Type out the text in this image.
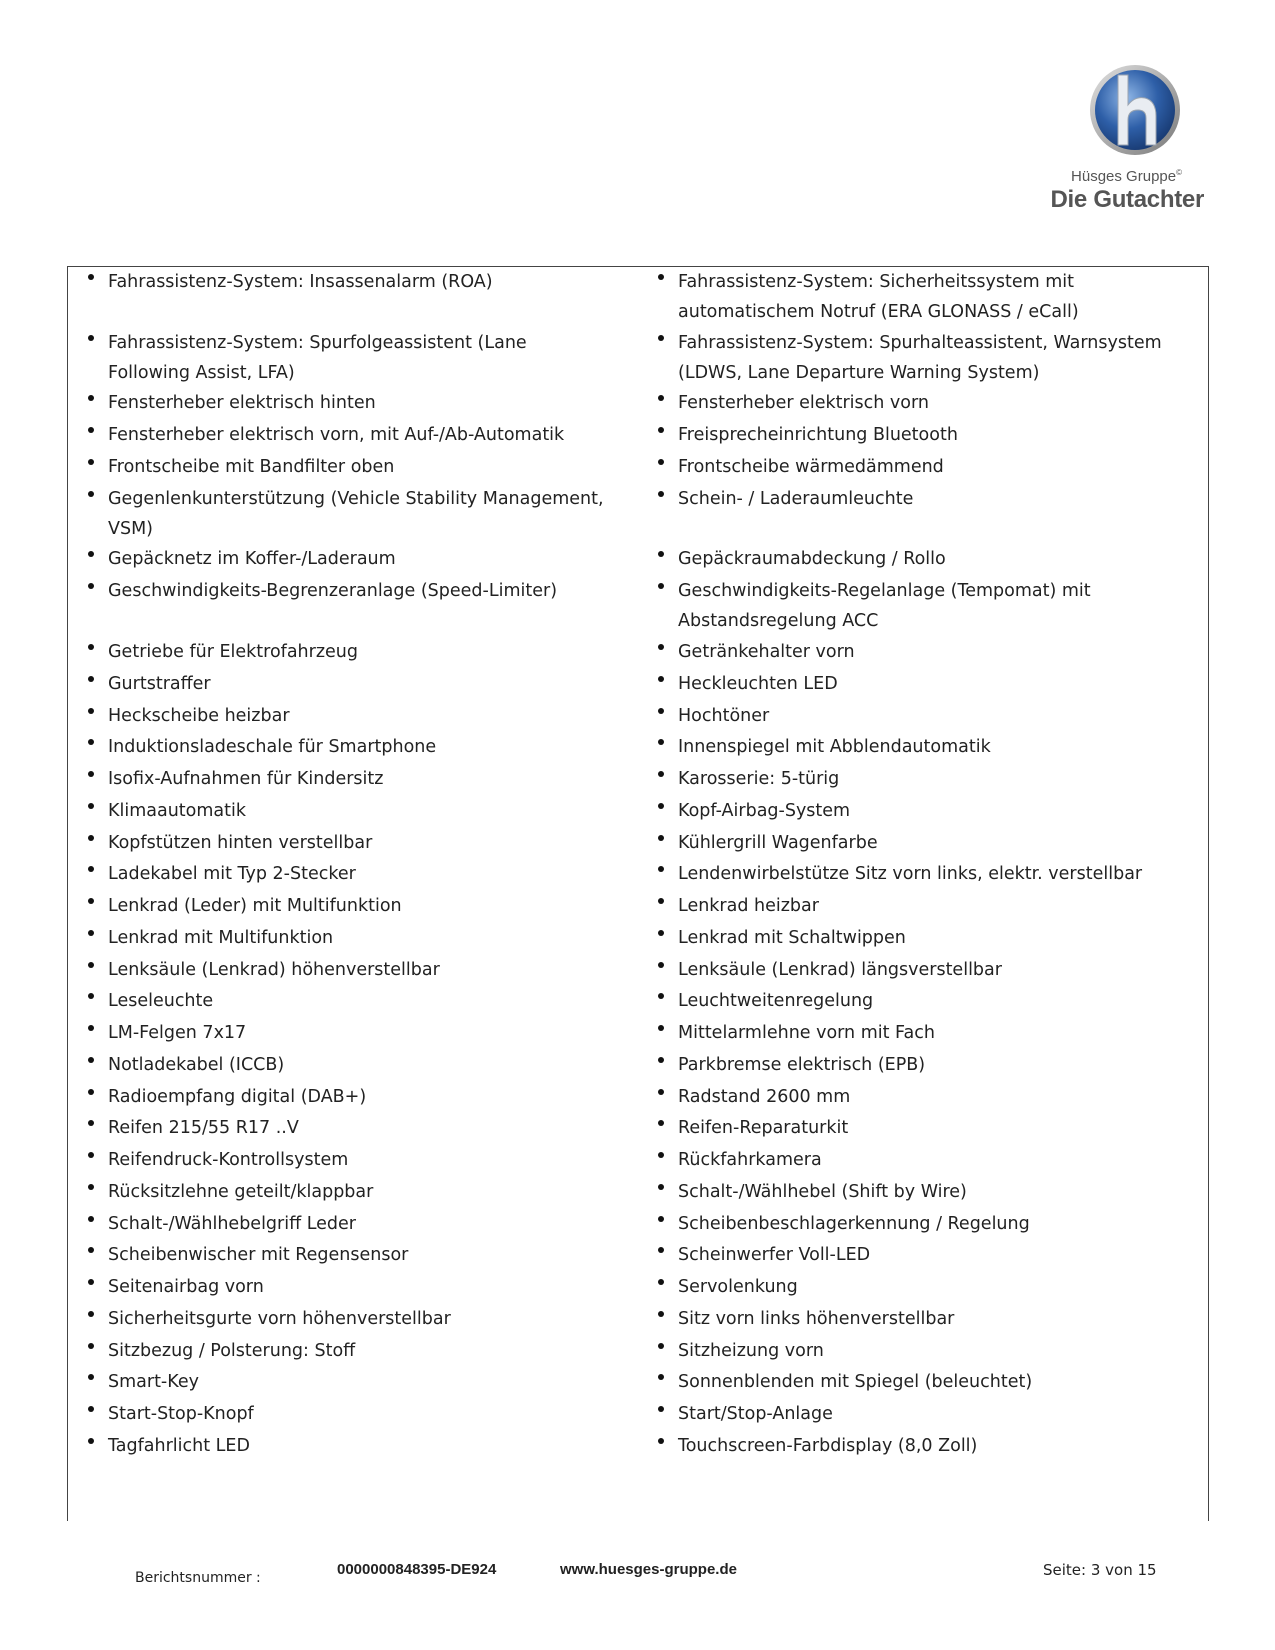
Hüsges Gruppe©
Die Gutachter
Fahrassistenz-System: Insassenalarm (ROA)
Fahrassistenz-System: Spurfolgeassistent (Lane Following Assist, LFA)
Fensterheber elektrisch hinten
Fensterheber elektrisch vorn, mit Auf-/Ab-Automatik
Frontscheibe mit Bandfilter oben
Gegenlenkunterstützung (Vehicle Stability Management, VSM)
Gepäcknetz im Koffer-/Laderaum
Geschwindigkeits-Begrenzeranlage (Speed-Limiter)
Getriebe für Elektrofahrzeug
Gurtstraffer
Heckscheibe heizbar
Induktionsladeschale für Smartphone
Isofix-Aufnahmen für Kindersitz
Klimaautomatik
Kopfstützen hinten verstellbar
Ladekabel mit Typ 2-Stecker
Lenkrad (Leder) mit Multifunktion
Lenkrad mit Multifunktion
Lenksäule (Lenkrad) höhenverstellbar
Leseleuchte
LM-Felgen 7x17
Notladekabel (ICCB)
Radioempfang digital (DAB+)
Reifen 215/55 R17 ..V
Reifendruck-Kontrollsystem
Rücksitzlehne geteilt/klappbar
Schalt-/Wählhebelgriff Leder
Scheibenwischer mit Regensensor
Seitenairbag vorn
Sicherheitsgurte vorn höhenverstellbar
Sitzbezug / Polsterung: Stoff
Smart-Key
Start-Stop-Knopf
Tagfahrlicht LED
Fahrassistenz-System: Sicherheitssystem mit automatischem Notruf (ERA GLONASS / eCall)
Fahrassistenz-System: Spurhalteassistent, Warnsystem (LDWS, Lane Departure Warning System)
Fensterheber elektrisch vorn
Freisprecheinrichtung Bluetooth
Frontscheibe wärmedämmend
Schein- / Laderaumleuchte
Gepäckraumabdeckung / Rollo
Geschwindigkeits-Regelanlage (Tempomat) mit Abstandsregelung ACC
Getränkehalter vorn
Heckleuchten LED
Hochtöner
Innenspiegel mit Abblendautomatik
Karosserie: 5-türig
Kopf-Airbag-System
Kühlergrill Wagenfarbe
Lendenwirbelstütze Sitz vorn links, elektr. verstellbar
Lenkrad heizbar
Lenkrad mit Schaltwippen
Lenksäule (Lenkrad) längsverstellbar
Leuchtweitenregelung
Mittelarmlehne vorn mit Fach
Parkbremse elektrisch (EPB)
Radstand 2600 mm
Reifen-Reparaturkit
Rückfahrkamera
Schalt-/Wählhebel (Shift by Wire)
Scheibenbeschlagerkennung / Regelung
Scheinwerfer Voll-LED
Servolenkung
Sitz vorn links höhenverstellbar
Sitzheizung vorn
Sonnenblenden mit Spiegel (beleuchtet)
Start/Stop-Anlage
Touchscreen-Farbdisplay (8,0 Zoll)
Berichtsnummer :	0000000848395-DE924	www.huesges-gruppe.de	Seite: 3 von 15
